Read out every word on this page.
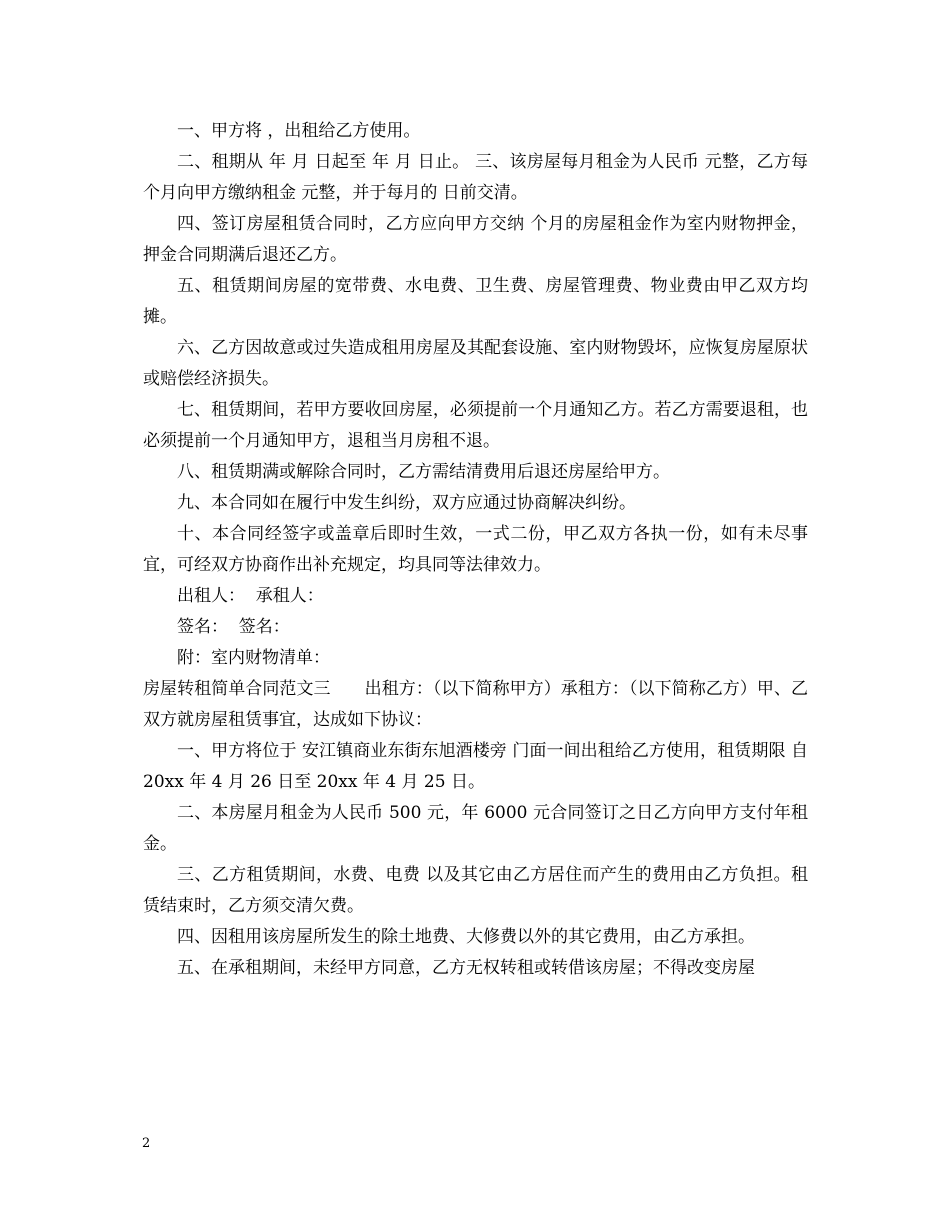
一、甲方将 ，出租给乙方使用。

二、租期从 年 月 日起至 年 月 日止。 三、该房屋每月租金为人民币 元整，乙方每 个月向甲方缴纳租金 元整，并于每月的 日前交清。

四、签订房屋租赁合同时，乙方应向甲方交纳 个月的房屋租金作为室内财物押金，押金合同期满后退还乙方。

五、租赁期间房屋的宽带费、水电费、卫生费、房屋管理费、物业费由甲乙双方均摊。

六、乙方因故意或过失造成租用房屋及其配套设施、室内财物毁坏，应恢复房屋原状或赔偿经济损失。

七、租赁期间，若甲方要收回房屋，必须提前一个月通知乙方。若乙方需要退租，也必须提前一个月通知甲方，退租当月房租不退。

八、租赁期满或解除合同时，乙方需结清费用后退还房屋给甲方。

九、本合同如在履行中发生纠纷，双方应通过协商解决纠纷。

十、本合同经签字或盖章后即时生效，一式二份，甲乙双方各执一份，如有未尽事宜，可经双方协商作出补充规定，均具同等法律效力。

出租人：  承租人：

签名：  签名：

附：室内财物清单：

房屋转租简单合同范文三　　出租方：（以下简称甲方）承租方：（以下简称乙方）甲、乙双方就房屋租赁事宜，达成如下协议：

一、甲方将位于 安江镇商业东街东旭酒楼旁 门面一间出租给乙方使用，租赁期限 自 20xx 年 4 月 26 日至 20xx 年 4 月 25 日。

二、本房屋月租金为人民币 500 元，年 6000 元合同签订之日乙方向甲方支付年租金。

三、乙方租赁期间，水费、电费 以及其它由乙方居住而产生的费用由乙方负担。租赁结束时，乙方须交清欠费。

四、因租用该房屋所发生的除土地费、大修费以外的其它费用，由乙方承担。

五、在承租期间，未经甲方同意，乙方无权转租或转借该房屋；不得改变房屋

2
